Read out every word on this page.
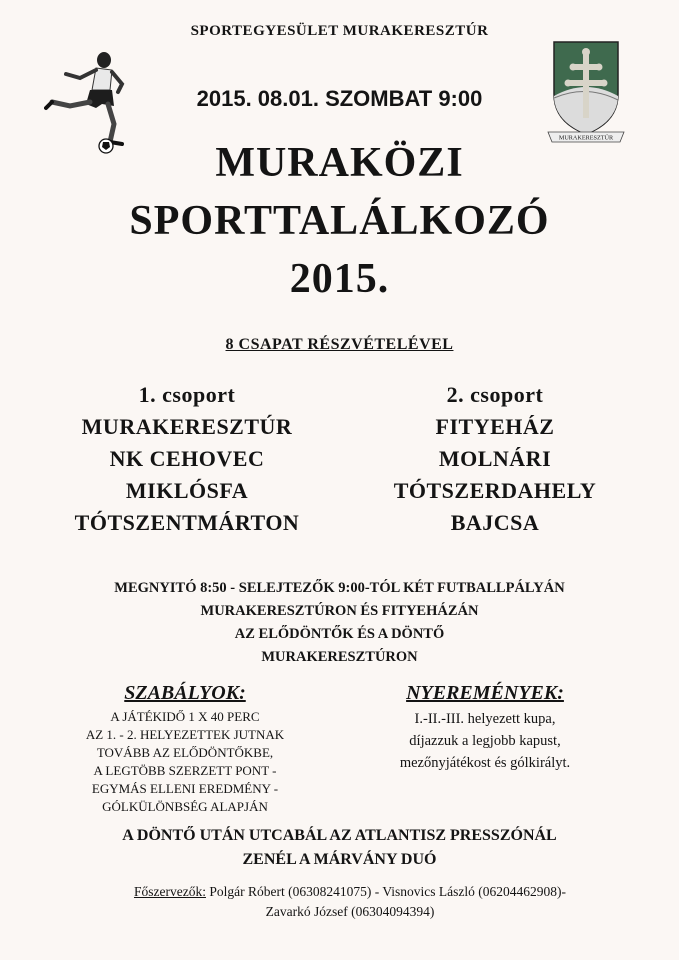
SPORTEGYESÜLET MURAKERESZTÚR
2015. 08.01. SZOMBAT 9:00
MURAKERESZTÚR
MURAKÖZI
SPORTTALÁLKOZÓ
2015.
8 CSAPAT RÉSZVÉTELÉVEL
1. csoport
MURAKERESZTÚR
NK CEHOVEC
MIKLÓSFA
TÓTSZENTMÁRTON
2. csoport
FITYEHÁZ
MOLNÁRI
TÓTSZERDAHELY
BAJCSA
MEGNYITÓ 8:50 - SELEJTEZŐK 9:00-TÓL KÉT FUTBALLPÁLYÁN
MURAKERESZTÚRON ÉS FITYEHÁZÁN
AZ ELŐDÖNTŐK ÉS A DÖNTŐ
MURAKERESZTÚRON
SZABÁLYOK:
A JÁTÉKIDŐ 1 X 40 PERC
AZ 1. - 2. HELYEZETTEK JUTNAK
TOVÁBB AZ ELŐDÖNTŐKBE,
A LEGTÖBB SZERZETT PONT -
EGYMÁS ELLENI EREDMÉNY -
GÓLKÜLÖNBSÉG ALAPJÁN
NYEREMÉNYEK:
I.-II.-III. helyezett kupa,
díjazzuk a legjobb kapust,
mezőnyjátékost és gólkirályt.
A DÖNTŐ UTÁN UTCABÁL AZ ATLANTISZ PRESSZÓNÁL
ZENÉL A MÁRVÁNY DUÓ
Főszervezők: Polgár Róbert (06308241075) - Visnovics László (06204462908)-
Zavarkó József (06304094394)
